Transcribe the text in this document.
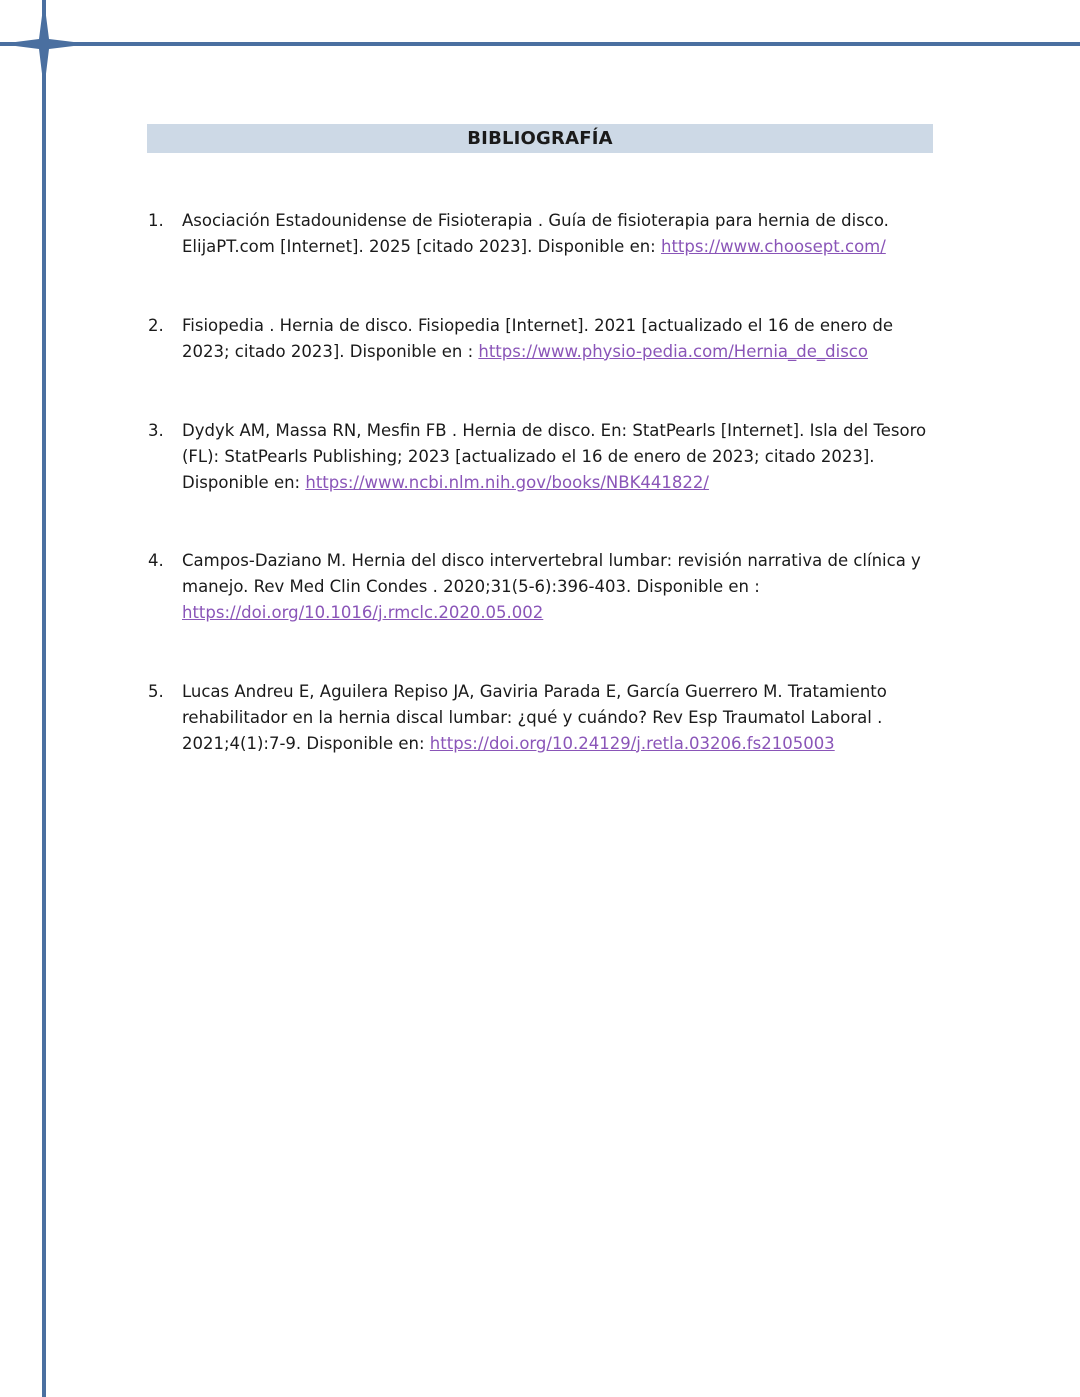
BIBLIOGRAFÍA
1.	Asociación Estadounidense de Fisioterapia . Guía de fisioterapia para hernia de disco.
ElijaPT.com [Internet]. 2025 [citado 2023]. Disponible en: https://www.choosept.com/
2.	Fisiopedia . Hernia de disco. Fisiopedia [Internet]. 2021 [actualizado el 16 de enero de
2023; citado 2023]. Disponible en : https://www.physio-pedia.com/Hernia_de_disco
3.	Dydyk AM, Massa RN, Mesfin FB . Hernia de disco. En: StatPearls [Internet]. Isla del Tesoro
(FL): StatPearls Publishing; 2023 [actualizado el 16 de enero de 2023; citado 2023].
Disponible en: https://www.ncbi.nlm.nih.gov/books/NBK441822/
4.	Campos-Daziano M. Hernia del disco intervertebral lumbar: revisión narrativa de clínica y
manejo. Rev Med Clin Condes . 2020;31(5-6):396-403. Disponible en :
https://doi.org/10.1016/j.rmclc.2020.05.002
5.	Lucas Andreu E, Aguilera Repiso JA, Gaviria Parada E, García Guerrero M. Tratamiento
rehabilitador en la hernia discal lumbar: ¿qué y cuándo? Rev Esp Traumatol Laboral .
2021;4(1):7-9. Disponible en: https://doi.org/10.24129/j.retla.03206.fs2105003
